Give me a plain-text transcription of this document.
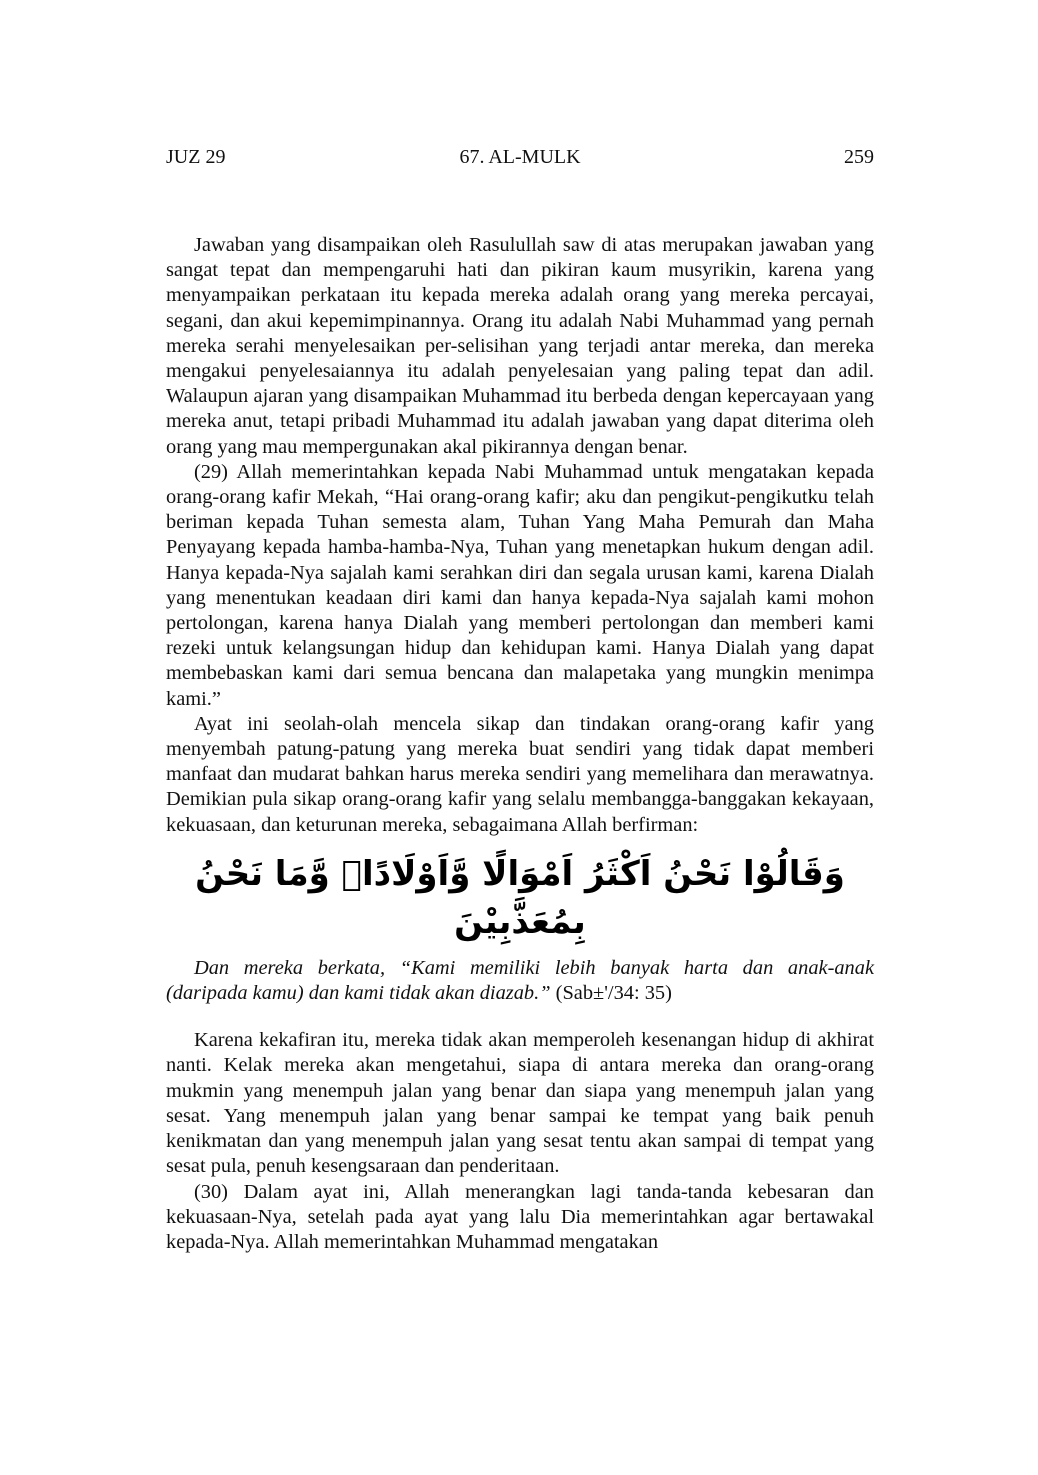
JUZ 29	67. AL-MULK	259

Jawaban yang disampaikan oleh Rasulullah saw di atas merupakan jawaban yang sangat tepat dan mempengaruhi hati dan pikiran kaum musyrikin, karena yang menyampaikan perkataan itu kepada mereka adalah orang yang mereka percayai, segani, dan akui kepemimpinannya. Orang itu adalah Nabi Muhammad yang pernah mereka serahi menyelesaikan per-selisihan yang terjadi antar mereka, dan mereka mengakui penyelesaiannya itu adalah penyelesaian yang paling tepat dan adil. Walaupun ajaran yang disampaikan Muhammad itu berbeda dengan kepercayaan yang mereka anut, tetapi pribadi Muhammad itu adalah jawaban yang dapat diterima oleh orang yang mau mempergunakan akal pikirannya dengan benar.

(29) Allah memerintahkan kepada Nabi Muhammad untuk mengatakan kepada orang-orang kafir Mekah, “Hai orang-orang kafir; aku dan pengikut-pengikutku telah beriman kepada Tuhan semesta alam, Tuhan Yang Maha Pemurah dan Maha Penyayang kepada hamba-hamba-Nya, Tuhan yang menetapkan hukum dengan adil. Hanya kepada-Nya sajalah kami serahkan diri dan segala urusan kami, karena Dialah yang menentukan keadaan diri kami dan hanya kepada-Nya sajalah kami mohon pertolongan, karena hanya Dialah yang memberi pertolongan dan memberi kami rezeki untuk kelangsungan hidup dan kehidupan kami. Hanya Dialah yang dapat membebaskan kami dari semua bencana dan malapetaka yang mungkin menimpa kami.”

Ayat ini seolah-olah mencela sikap dan tindakan orang-orang kafir yang menyembah patung-patung yang mereka buat sendiri yang tidak dapat memberi manfaat dan mudarat bahkan harus mereka sendiri yang memelihara dan merawatnya. Demikian pula sikap orang-orang kafir yang selalu membangga-banggakan kekayaan, kekuasaan, dan keturunan mereka, sebagaimana Allah berfirman:

وَقَالُوْا نَحْنُ اَكْثَرُ اَمْوَالًا وَّاَوْلَادًاۙ وَّمَا نَحْنُ بِمُعَذَّبِيْنَ

Dan mereka berkata, “Kami memiliki lebih banyak harta dan anak-anak (daripada kamu) dan kami tidak akan diazab.” (Sab±'/34: 35)

Karena kekafiran itu, mereka tidak akan memperoleh kesenangan hidup di akhirat nanti. Kelak mereka akan mengetahui, siapa di antara mereka dan orang-orang mukmin yang menempuh jalan yang benar dan siapa yang menempuh jalan yang sesat. Yang menempuh jalan yang benar sampai ke tempat yang baik penuh kenikmatan dan yang menempuh jalan yang sesat tentu akan sampai di tempat yang sesat pula, penuh kesengsaraan dan penderitaan.

(30) Dalam ayat ini, Allah menerangkan lagi tanda-tanda kebesaran dan kekuasaan-Nya, setelah pada ayat yang lalu Dia memerintahkan agar bertawakal kepada-Nya. Allah memerintahkan Muhammad mengatakan
